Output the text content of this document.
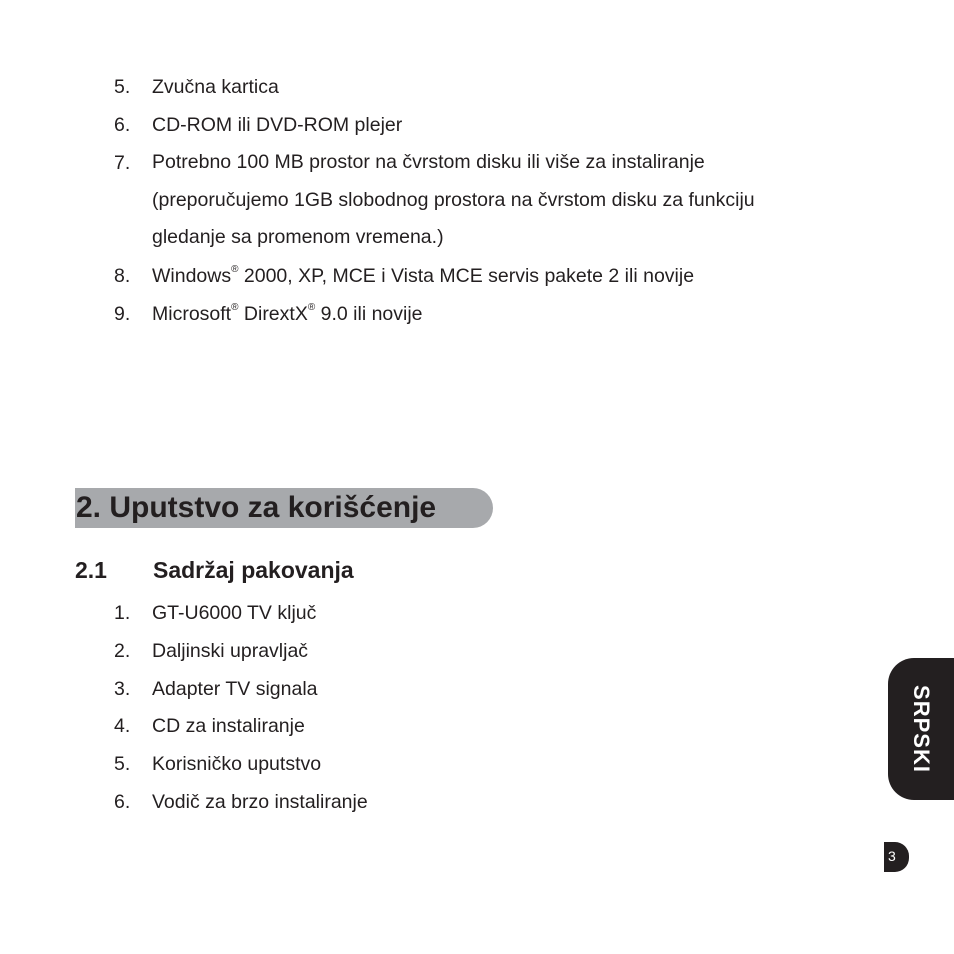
5. Zvučna kartica
6. CD-ROM ili DVD-ROM plejer
7. Potrebno 100 MB prostor na čvrstom disku ili više za instaliranje
(preporučujemo 1GB slobodnog prostora na čvrstom disku za funkciju
gledanje sa promenom vremena.)
8. Windows® 2000, XP, MCE i Vista MCE servis pakete 2 ili novije
9. Microsoft® DirextX® 9.0 ili novije
2. Uputstvo za korišćenje
2.1 Sadržaj pakovanja
1. GT-U6000 TV ključ
2. Daljinski upravljač
3. Adapter TV signala
4. CD za instaliranje
5. Korisničko uputstvo
6. Vodič za brzo instaliranje
SRPSKI
3
